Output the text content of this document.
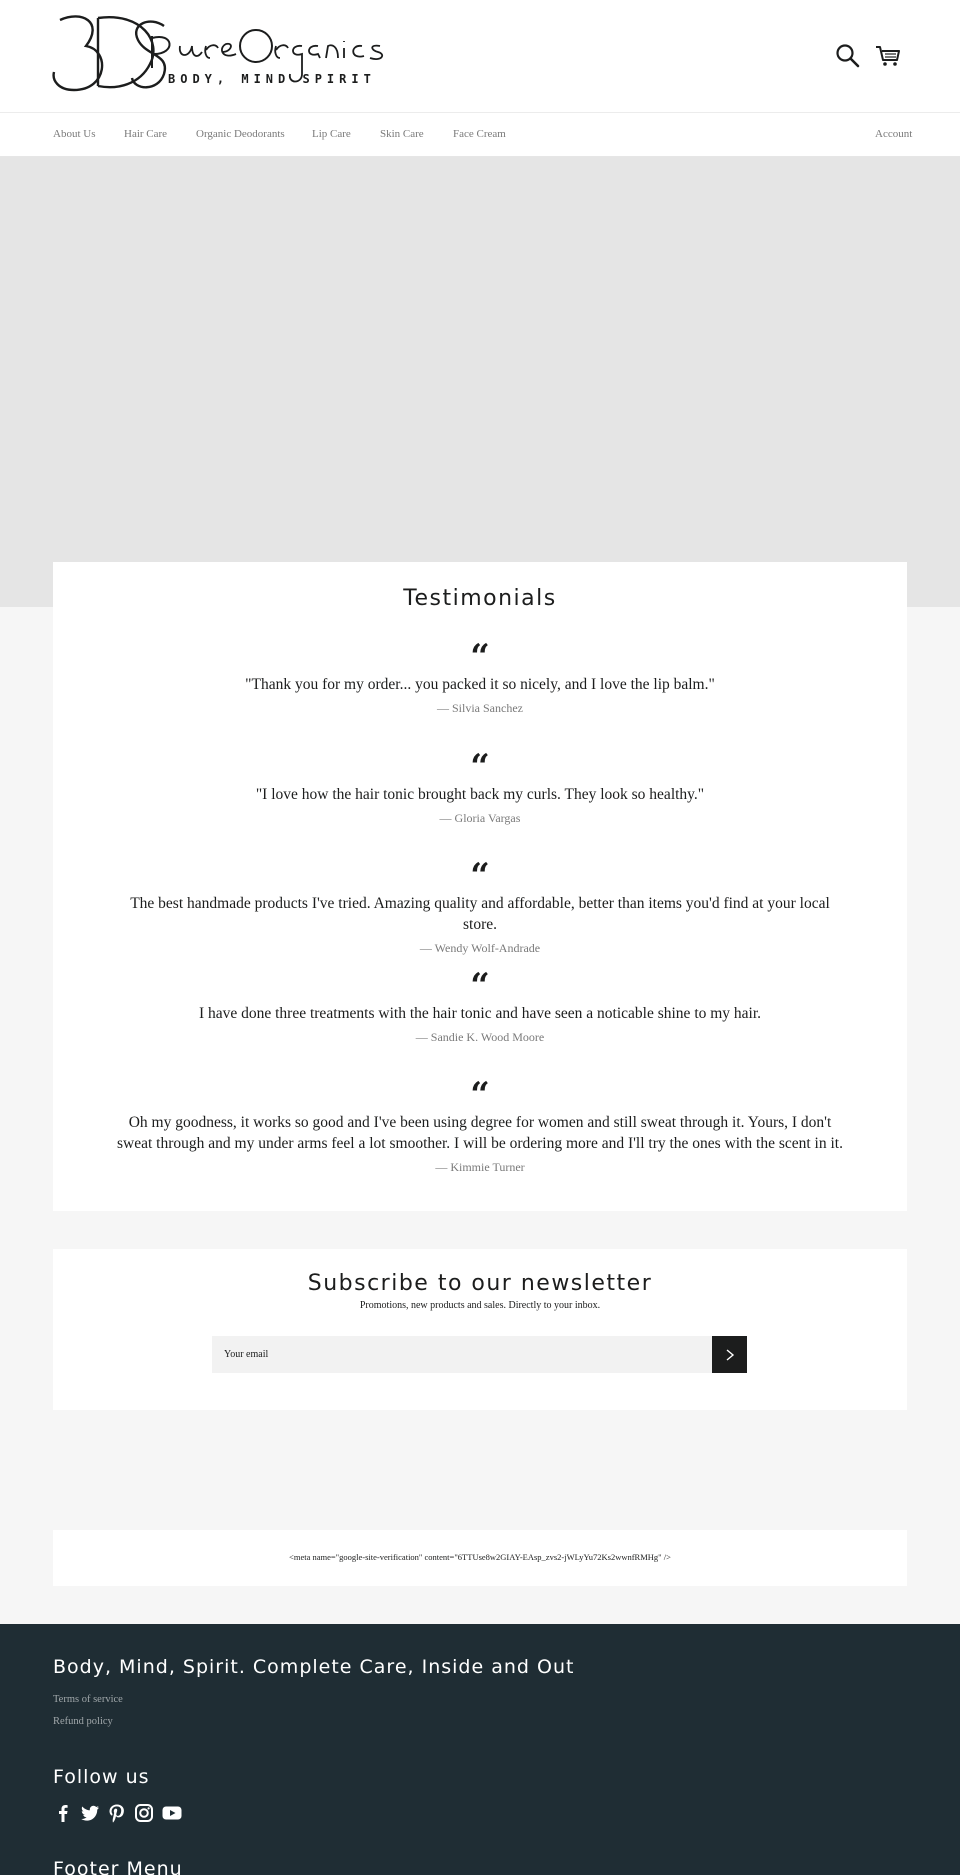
BODY, MIND SPIRIT
About Us	Hair Care	Organic Deodorants Lip Care	Skin Care	Face Cream	Account
Testimonials
“

"Thank you for my order... you packed it so nicely, and I love the lip balm."

— Silvia Sanchez

“

"I love how the hair tonic brought back my curls. They look so healthy."

— Gloria Vargas

“

The best handmade products I've tried. Amazing quality and affordable, better than items you'd find at your local store.

— Wendy Wolf-Andrade

“

I have done three treatments with the hair tonic and have seen a noticable shine to my hair.

— Sandie K. Wood Moore

“

Oh my goodness, it works so good and I've been using degree for women and still sweat through it. Yours, I don't sweat through and my under arms feel a lot smoother. I will be ordering more and I'll try the ones with the scent in it.

— Kimmie Turner

Subscribe to our newsletter

Promotions, new products and sales. Directly to your inbox.

Your email

<meta name="google-site-verification" content="6TTUse8w2GIAY-EAsp_zvs2-jWLyYu72Ks2wwnfRMHg" />

Body, Mind, Spirit. Complete Care, Inside and Out
Terms of service
Refund policy
Follow us
Footer Menu
